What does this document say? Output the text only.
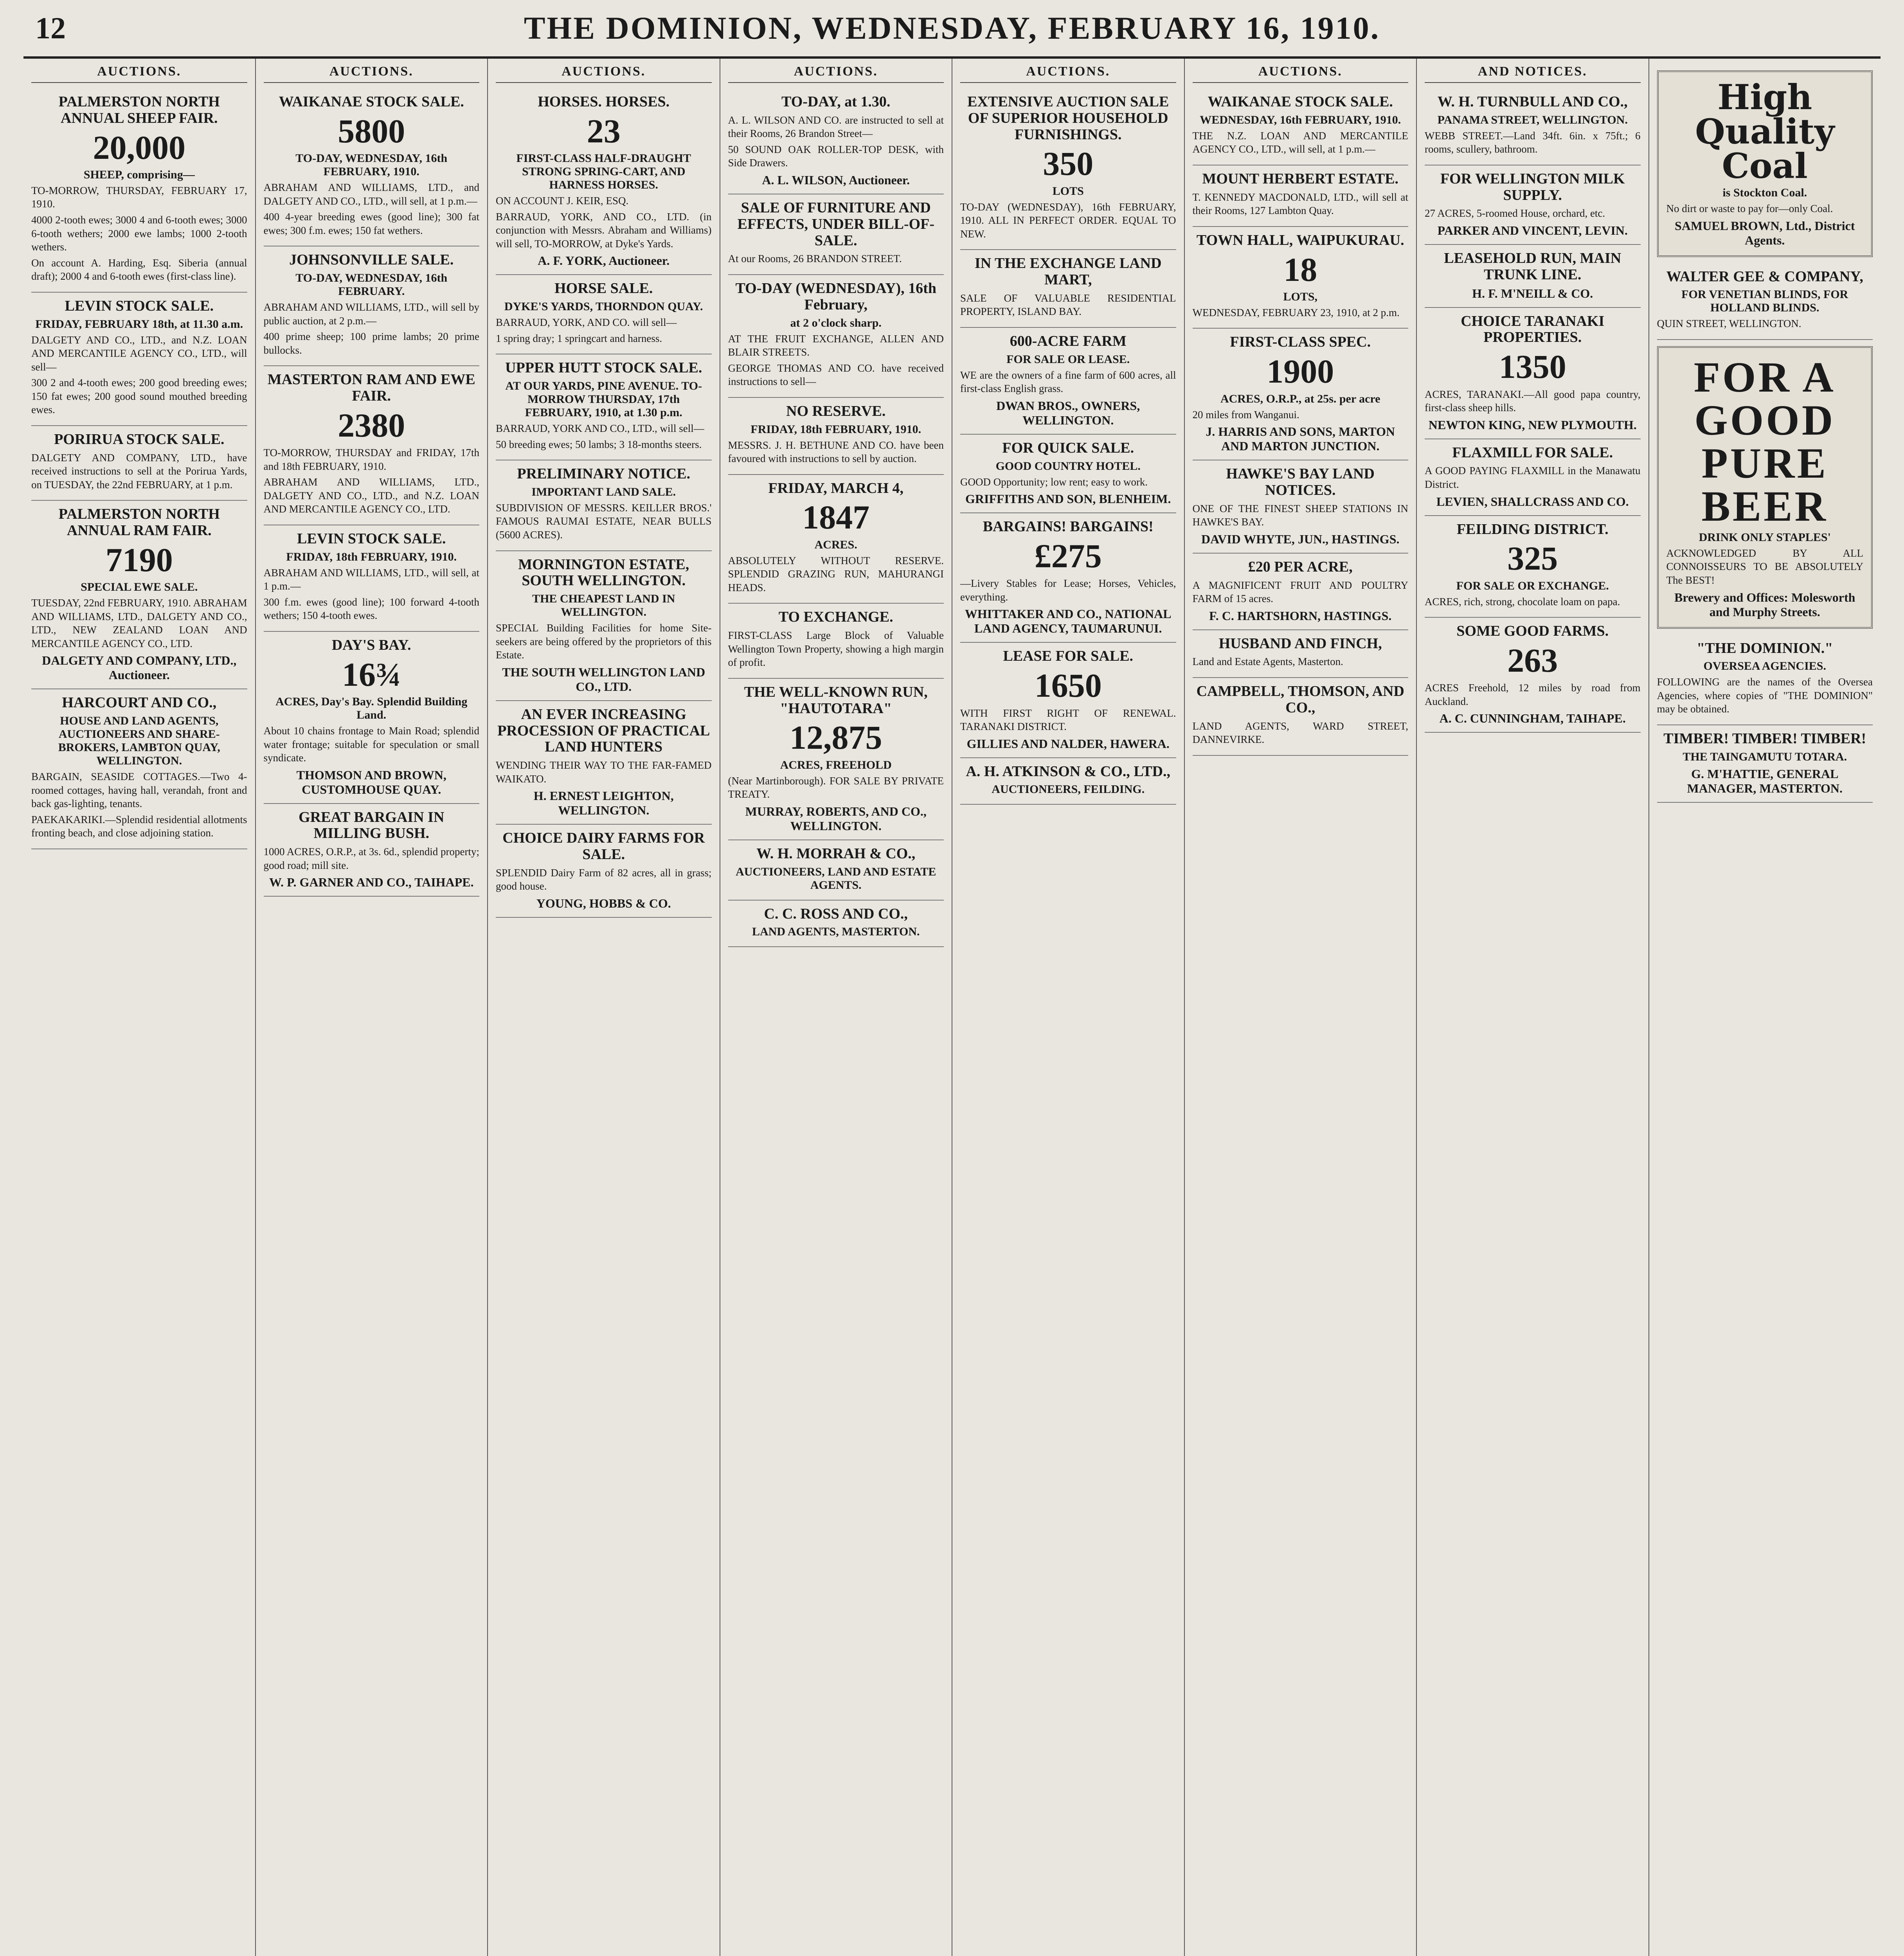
12	THE DOMINION, WEDNESDAY, FEBRUARY 16, 1910.
AUCTIONS.
PALMERSTON NORTH ANNUAL SHEEP FAIR.
20,000
SHEEP, comprising—

TO-MORROW, THURSDAY, FEBRUARY 17, 1910.

4000 2-tooth ewes; 3000 4 and 6-tooth ewes; 3000 6-tooth wethers; 2000 ewe lambs; 1000 2-tooth wethers.

On account A. Harding, Esq. Siberia (annual draft); 2000 4 and 6-tooth ewes (first-class line).

LEVIN STOCK SALE.
FRIDAY, FEBRUARY 18th, at 11.30 a.m.

DALGETY AND CO., LTD., and N.Z. LOAN AND MERCANTILE AGENCY CO., LTD., will sell—

300 2 and 4-tooth ewes; 200 good breeding ewes; 150 fat ewes; 200 good sound mouthed breeding ewes.

PORIRUA STOCK SALE.

DALGETY AND COMPANY, LTD., have received instructions to sell at the Porirua Yards, on TUESDAY, the 22nd FEBRUARY, at 1 p.m.

PALMERSTON NORTH ANNUAL RAM FAIR.
7190
SPECIAL EWE SALE.

TUESDAY, 22nd FEBRUARY, 1910. ABRAHAM AND WILLIAMS, LTD., DALGETY AND CO., LTD., NEW ZEALAND LOAN AND MERCANTILE AGENCY CO., LTD.

DALGETY AND COMPANY, LTD., Auctioneer.
HARCOURT AND CO.,
HOUSE AND LAND AGENTS, AUCTIONEERS AND SHARE-BROKERS, LAMBTON QUAY, WELLINGTON.

BARGAIN, SEASIDE COTTAGES.—Two 4-roomed cottages, having hall, verandah, front and back gas-lighting, tenants.

PAEKAKARIKI.—Splendid residential allotments fronting beach, and close adjoining station.

AUCTIONS.
WAIKANAE STOCK SALE.
5800
TO-DAY, WEDNESDAY, 16th FEBRUARY, 1910.

ABRAHAM AND WILLIAMS, LTD., and DALGETY AND CO., LTD., will sell, at 1 p.m.—

400 4-year breeding ewes (good line); 300 fat ewes; 300 f.m. ewes; 150 fat wethers.

JOHNSONVILLE SALE.
TO-DAY, WEDNESDAY, 16th FEBRUARY.

ABRAHAM AND WILLIAMS, LTD., will sell by public auction, at 2 p.m.—

400 prime sheep; 100 prime lambs; 20 prime bullocks.

MASTERTON RAM AND EWE FAIR.
2380

TO-MORROW, THURSDAY and FRIDAY, 17th and 18th FEBRUARY, 1910.

ABRAHAM AND WILLIAMS, LTD., DALGETY AND CO., LTD., and N.Z. LOAN AND MERCANTILE AGENCY CO., LTD.

LEVIN STOCK SALE.
FRIDAY, 18th FEBRUARY, 1910.

ABRAHAM AND WILLIAMS, LTD., will sell, at 1 p.m.—

300 f.m. ewes (good line); 100 forward 4-tooth wethers; 150 4-tooth ewes.

DAY'S BAY.
16¾
ACRES, Day's Bay. Splendid Building Land.

About 10 chains frontage to Main Road; splendid water frontage; suitable for speculation or small syndicate.

THOMSON AND BROWN, CUSTOMHOUSE QUAY.
GREAT BARGAIN IN MILLING BUSH.

1000 ACRES, O.R.P., at 3s. 6d., splendid property; good road; mill site.

W. P. GARNER AND CO., TAIHAPE.
AUCTIONS.
HORSES. HORSES.
23
FIRST-CLASS HALF-DRAUGHT STRONG SPRING-CART, AND HARNESS HORSES.

ON ACCOUNT J. KEIR, ESQ.

BARRAUD, YORK, AND CO., LTD. (in conjunction with Messrs. Abraham and Williams) will sell, TO-MORROW, at Dyke's Yards.

A. F. YORK, Auctioneer.
HORSE SALE.
DYKE'S YARDS, THORNDON QUAY.

BARRAUD, YORK, AND CO. will sell—

1 spring dray; 1 springcart and harness.

UPPER HUTT STOCK SALE.
AT OUR YARDS, PINE AVENUE. TO-MORROW THURSDAY, 17th FEBRUARY, 1910, at 1.30 p.m.

BARRAUD, YORK AND CO., LTD., will sell—

50 breeding ewes; 50 lambs; 3 18-months steers.

PRELIMINARY NOTICE.
IMPORTANT LAND SALE.

SUBDIVISION OF MESSRS. KEILLER BROS.' FAMOUS RAUMAI ESTATE, NEAR BULLS (5600 ACRES).

MORNINGTON ESTATE, SOUTH WELLINGTON.
THE CHEAPEST LAND IN WELLINGTON.

SPECIAL Building Facilities for home Site-seekers are being offered by the proprietors of this Estate.

THE SOUTH WELLINGTON LAND CO., LTD.
AN EVER INCREASING PROCESSION OF PRACTICAL LAND HUNTERS

WENDING THEIR WAY TO THE FAR-FAMED WAIKATO.

H. ERNEST LEIGHTON, WELLINGTON.
CHOICE DAIRY FARMS FOR SALE.

SPLENDID Dairy Farm of 82 acres, all in grass; good house.

YOUNG, HOBBS & CO.
AUCTIONS.
TO-DAY, at 1.30.

A. L. WILSON AND CO. are instructed to sell at their Rooms, 26 Brandon Street—

50 SOUND OAK ROLLER-TOP DESK, with Side Drawers.

A. L. WILSON, Auctioneer.
SALE OF FURNITURE AND EFFECTS, UNDER BILL-OF-SALE.

At our Rooms, 26 BRANDON STREET.

TO-DAY (WEDNESDAY), 16th February,
at 2 o'clock sharp.

AT THE FRUIT EXCHANGE, ALLEN AND BLAIR STREETS.

GEORGE THOMAS AND CO. have received instructions to sell—

NO RESERVE.
FRIDAY, 18th FEBRUARY, 1910.

MESSRS. J. H. BETHUNE AND CO. have been favoured with instructions to sell by auction.

FRIDAY, MARCH 4,
1847
ACRES.

ABSOLUTELY WITHOUT RESERVE. SPLENDID GRAZING RUN, MAHURANGI HEADS.

TO EXCHANGE.

FIRST-CLASS Large Block of Valuable Wellington Town Property, showing a high margin of profit.

THE WELL-KNOWN RUN, "HAUTOTARA"
12,875
ACRES, FREEHOLD

(Near Martinborough). FOR SALE BY PRIVATE TREATY.

MURRAY, ROBERTS, AND CO., WELLINGTON.
W. H. MORRAH & CO.,
AUCTIONEERS, LAND AND ESTATE AGENTS.
C. C. ROSS AND CO.,
LAND AGENTS, MASTERTON.
AUCTIONS.
EXTENSIVE AUCTION SALE OF SUPERIOR HOUSEHOLD FURNISHINGS.
350
LOTS

TO-DAY (WEDNESDAY), 16th FEBRUARY, 1910. ALL IN PERFECT ORDER. EQUAL TO NEW.

IN THE EXCHANGE LAND MART,

SALE OF VALUABLE RESIDENTIAL PROPERTY, ISLAND BAY.

600-ACRE FARM
FOR SALE OR LEASE.

WE are the owners of a fine farm of 600 acres, all first-class English grass.

DWAN BROS., OWNERS, WELLINGTON.
FOR QUICK SALE.
GOOD COUNTRY HOTEL.

GOOD Opportunity; low rent; easy to work.

GRIFFITHS AND SON, BLENHEIM.
BARGAINS! BARGAINS!
£275

—Livery Stables for Lease; Horses, Vehicles, everything.

WHITTAKER AND CO., NATIONAL LAND AGENCY, TAUMARUNUI.
LEASE FOR SALE.
1650

WITH FIRST RIGHT OF RENEWAL. TARANAKI DISTRICT.

GILLIES AND NALDER, HAWERA.
A. H. ATKINSON & CO., LTD.,
AUCTIONEERS, FEILDING.
AUCTIONS.
WAIKANAE STOCK SALE.
WEDNESDAY, 16th FEBRUARY, 1910.

THE N.Z. LOAN AND MERCANTILE AGENCY CO., LTD., will sell, at 1 p.m.—

MOUNT HERBERT ESTATE.

T. KENNEDY MACDONALD, LTD., will sell at their Rooms, 127 Lambton Quay.

TOWN HALL, WAIPUKURAU.
18
LOTS,

WEDNESDAY, FEBRUARY 23, 1910, at 2 p.m.

FIRST-CLASS SPEC.
1900
ACRES, O.R.P., at 25s. per acre

20 miles from Wanganui.

J. HARRIS AND SONS, MARTON AND MARTON JUNCTION.
HAWKE'S BAY LAND NOTICES.

ONE OF THE FINEST SHEEP STATIONS IN HAWKE'S BAY.

DAVID WHYTE, JUN., HASTINGS.
£20 PER ACRE,

A MAGNIFICENT FRUIT AND POULTRY FARM of 15 acres.

F. C. HARTSHORN, HASTINGS.
HUSBAND AND FINCH,

Land and Estate Agents, Masterton.

CAMPBELL, THOMSON, AND CO.,

LAND AGENTS, WARD STREET, DANNEVIRKE.

AND NOTICES.
W. H. TURNBULL AND CO.,
PANAMA STREET, WELLINGTON.

WEBB STREET.—Land 34ft. 6in. x 75ft.; 6 rooms, scullery, bathroom.

FOR WELLINGTON MILK SUPPLY.

27 ACRES, 5-roomed House, orchard, etc.

PARKER AND VINCENT, LEVIN.
LEASEHOLD RUN, MAIN TRUNK LINE.
H. F. M'NEILL & CO.
CHOICE TARANAKI PROPERTIES.
1350

ACRES, TARANAKI.—All good papa country, first-class sheep hills.

NEWTON KING, NEW PLYMOUTH.
FLAXMILL FOR SALE.

A GOOD PAYING FLAXMILL in the Manawatu District.

LEVIEN, SHALLCRASS AND CO.
FEILDING DISTRICT.
325
FOR SALE OR EXCHANGE.

ACRES, rich, strong, chocolate loam on papa.

SOME GOOD FARMS.
263

ACRES Freehold, 12 miles by road from Auckland.

A. C. CUNNINGHAM, TAIHAPE.
High Quality Coal
is Stockton Coal.

No dirt or waste to pay for—only Coal.

SAMUEL BROWN, Ltd., District Agents.
WALTER GEE & COMPANY,
FOR VENETIAN BLINDS, FOR HOLLAND BLINDS.

QUIN STREET, WELLINGTON.

FOR A GOOD PURE BEER
DRINK ONLY STAPLES'

ACKNOWLEDGED BY ALL CONNOISSEURS TO BE ABSOLUTELY The BEST!

Brewery and Offices: Molesworth and Murphy Streets.
"THE DOMINION."
OVERSEA AGENCIES.

FOLLOWING are the names of the Oversea Agencies, where copies of "THE DOMINION" may be obtained.

TIMBER! TIMBER! TIMBER!
THE TAINGAMUTU TOTARA.
G. M'HATTIE, GENERAL MANAGER, MASTERTON.
